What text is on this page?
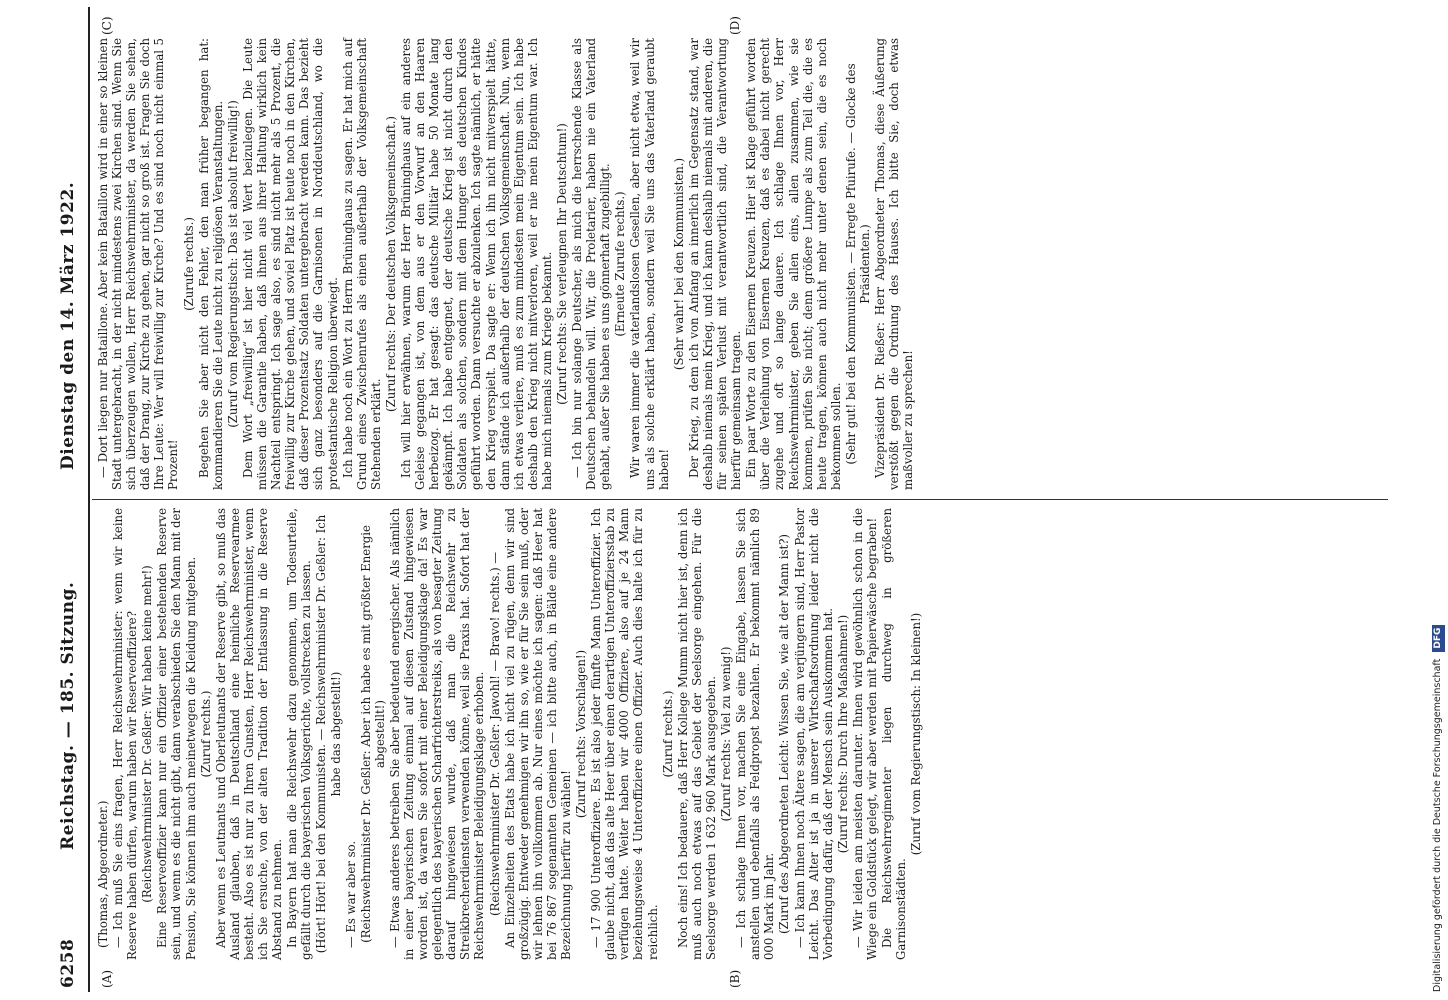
6258
Reichstag. — 185. Sitzung.
Dienstag den 14. März 1922.
(A)	(B)
(C)	(D)

(Thomas, Abgeordneter.) — Ich muß Sie eins fragen, Herr Reichswehrminister: wenn wir keine Reserve haben dürfen, warum haben wir Reserveoffiziere? (Reichswehrminister Dr. Geßler: Wir haben keine mehr!) Eine Reserveoffizier kann nur ein Offizier einer bestehenden Reserve sein, und wenn es die nicht gibt, dann verabschieden Sie den Mann mit der Pension, Sie können ihm auch meinetwegen die Kleidung mitgeben. (Zuruf rechts.) Aber wenn es Leutnants und Oberleutnants der Reserve gibt, so muß das Ausland glauben, daß in Deutschland eine heimliche Reservearmee besteht. Also es ist nur zu Ihren Gunsten, Herr Reichswehrminister, wenn ich Sie ersuche, von der alten Tradition der Entlassung in die Reserve Abstand zu nehmen. In Bayern hat man die Reichswehr dazu genommen, um Todesurteile, gefällt durch die bayerischen Volksgerichte, vollstrecken zu lassen. (Hört! Hört! bei den Kommunisten. — Reichswehrminister Dr. Geßler: Ich habe das abgestellt!)

— Es war aber so. (Reichswehrminister Dr. Geßler: Aber ich habe es mit größter Energie abgestellt!) — Etwas anderes betreiben Sie aber bedeutend energischer. Als nämlich in einer bayerischen Zeitung einmal auf diesen Zustand hingewiesen worden ist, da waren Sie sofort mit einer Beleidigungsklage da! Es war gelegentlich des bayerischen Scharfrichterstreiks, als von besagter Zeitung darauf hingewiesen wurde, daß man die Reichswehr zu Streikbrecherdiensten verwenden könne, weil sie Praxis hat. Sofort hat der Reichswehrminister Beleidigungsklage erhoben. (Reichswehrminister Dr. Geßler: Jawohl! — Bravo! rechts.) — An Einzelheiten des Etats habe ich nicht viel zu rügen, denn wir sind großzügig. Entweder genehmigen wir ihn so, wie er für Sie sein muß, oder wir lehnen ihn vollkommen ab. Nur eines möchte ich sagen: daß Heer hat bei 76 867 sogenannten Gemeinen — ich bitte auch, in Bälde eine andere Bezeichnung hierfür zu wählen!

(Zuruf rechts: Vorschlagen!) — 17 900 Unteroffiziere. Es ist also jeder fünfte Mann Unteroffizier. Ich glaube nicht, daß das alte Heer über einen derartigen Unteroffiziersstab zu verfügen hatte. Weiter haben wir 4000 Offiziere, also auf je 24 Mann beziehungsweise 4 Unteroffiziere einen Offizier. Auch dies halte ich für zu reichlich.

(Zuruf rechts.) Noch eins! Ich bedauere, daß Herr Kollege Mumm nicht hier ist, denn ich muß auch noch etwas auf das Gebiet der Seelsorge eingehen. Für die Seelsorge werden 1 632 960 Mark ausgegeben. (Zuruf rechts: Viel zu wenig!) — Ich schlage Ihnen vor, machen Sie eine Eingabe, lassen Sie sich anstellen und ebenfalls als Feldpropst bezahlen. Er bekommt nämlich 89 000 Mark im Jahr. (Zuruf des Abgeordneten Leicht: Wissen Sie, wie alt der Mann ist?) — Ich kann Ihnen noch Ältere sagen, die am verjüngern sind, Herr Pastor Leicht. Das Alter ist ja in unserer Wirtschaftsordnung leider nicht die Vorbedingung dafür, daß der Mensch sein Auskommen hat. (Zuruf rechts: Durch Ihre Maßnahmen!) — Wir leiden am meisten darunter. Ihnen wird gewöhnlich schon in die Wiege ein Goldstück gelegt, wir aber werden mit Papierwäsche begraben! Die Reichswehrregimenter liegen durchweg in größeren Garnisonstädten.

(Zuruf vom Regierungstisch: In kleinen!)

— Dort liegen nur Bataillone. Aber kein Bataillon wird in einer so kleinen Stadt untergebracht, in der nicht mindestens zwei Kirchen sind. Wenn Sie sich überzeugen wollen, Herr Reichswehrminister, da werden Sie sehen, daß der Drang, zur Kirche zu gehen, gar nicht so groß ist. Fragen Sie doch Ihre Leute: Wer will freiwillig zur Kirche? Und es sind noch nicht einmal 5 Prozent!

(Zurufe rechts.) Begehen Sie aber nicht den Fehler, den man früher begangen hat: kommandieren Sie die Leute nicht zu religiösen Veranstaltungen. (Zuruf vom Regierungstisch: Das ist absolut freiwillig!) Dem Wort „freiwillig“ ist hier nicht viel Wert beizulegen. Die Leute müssen die Garantie haben, daß ihnen aus ihrer Haltung wirklich kein Nachteil entspringt. Ich sage also, es sind nicht mehr als 5 Prozent, die freiwillig zur Kirche gehen, und soviel Platz ist heute noch in den Kirchen, daß dieser Prozentsatz Soldaten untergebracht werden kann. Das bezieht sich ganz besonders auf die Garnisonen in Norddeutschland, wo die protestantische Religion überwiegt. Ich habe noch ein Wort zu Herrn Brüninghaus zu sagen. Er hat mich auf Grund eines Zwischenrufes als einen außerhalb der Volksgemeinschaft Stehenden erklärt.

(Zuruf rechts: Der deutschen Volksgemeinschaft.) Ich will hier erwähnen, warum der Herr Brüninghaus auf ein anderes Geleise gegangen ist, von dem aus er den Vorwurf an den Haaren herbeizog. Er hat gesagt: das deutsche Militär habe 50 Monate lang gekämpft. Ich habe entgegnet, der deutsche Krieg ist nicht durch den Soldaten als solchen, sondern mit dem Hunger des deutschen Kindes geführt worden. Dann versuchte er abzulenken. Ich sagte nämlich, er hätte den Krieg verspielt. Da sagte er: Wenn ich ihn nicht mitverspielt hätte, dann stände ich außerhalb der deutschen Volksgemeinschaft. Nun, wenn ich etwas verliere, muß es zum mindesten mein Eigentum sein. Ich habe deshalb den Krieg nicht mitverloren, weil er nie mein Eigentum war. Ich habe mich niemals zum Kriege bekannt. (Zuruf rechts: Sie verleugnen Ihr Deutschtum!) — Ich bin nur solange Deutscher, als mich die herrschende Klasse als Deutschen behandeln will. Wir, die Proletarier, haben nie ein Vaterland gehabt, außer Sie haben es uns gönnerhaft zugebilligt. (Erneute Zurufe rechts.) Wir waren immer die vaterlandslosen Gesellen, aber nicht etwa, weil wir uns als solche erklärt haben, sondern weil Sie uns das Vaterland geraubt haben!

(Sehr wahr! bei den Kommunisten.) Der Krieg, zu dem ich von Anfang an innerlich im Gegensatz stand, war deshalb niemals mein Krieg, und ich kann deshalb niemals mit anderen, die für seinen späten Verlust mit verantwortlich sind, die Verantwortung hierfür gemeinsam tragen. Ein paar Worte zu den Eisernen Kreuzen. Hier ist Klage geführt worden über die Verleihung von Eisernen Kreuzen, daß es dabei nicht gerecht zugehe und oft so lange dauere. Ich schlage Ihnen vor, Herr Reichswehrminister, geben Sie allen eins, allen zusammen, wie sie kommen, prüfen Sie nicht; denn größere Lumpe als zum Teil die, die es heute tragen, können auch nicht mehr unter denen sein, die es noch bekommen sollen. (Sehr gut! bei den Kommunisten. — Erregte Pfuirufe. — Glocke des Präsidenten.) Vizepräsident Dr. Rießer: Herr Abgeordneter Thomas, diese Äußerung verstößt gegen die Ordnung des Hauses. Ich bitte Sie, doch etwas maßvoller zu sprechen!

Digitalisierung gefördert durch die Deutsche Forschungsgemeinschaft DFG
